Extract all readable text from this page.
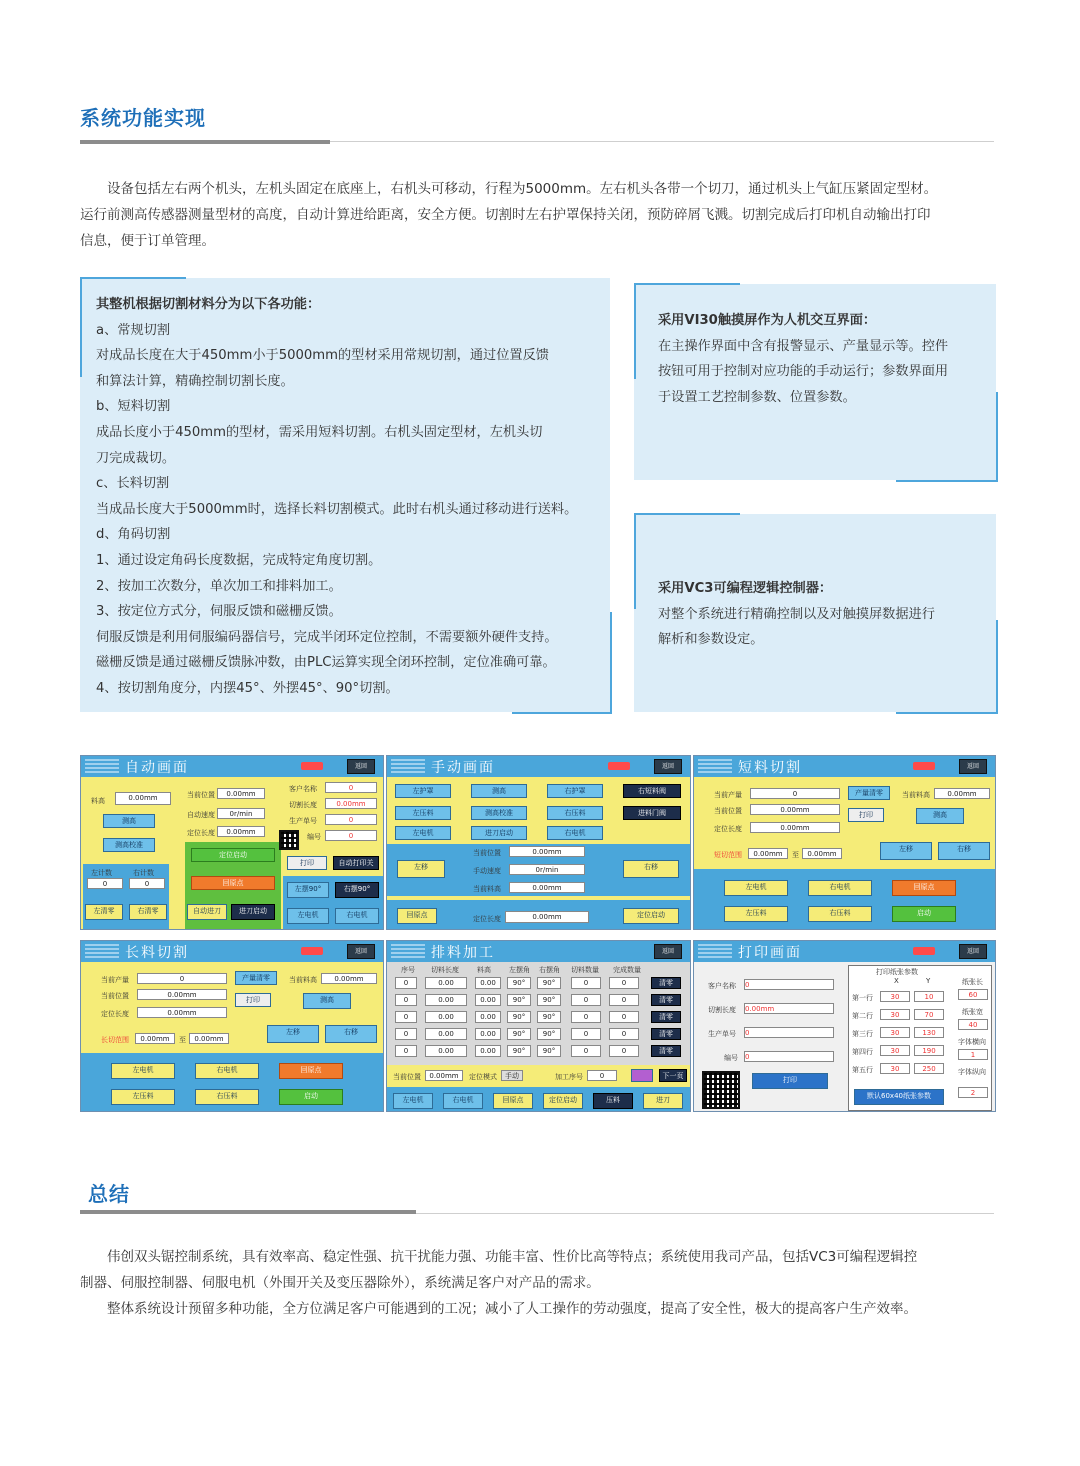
系统功能实现

设备包括左右两个机头，左机头固定在底座上，右机头可移动，行程为5000mm。左右机头各带一个切刀，通过机头上气缸压紧固定型材。

运行前测高传感器测量型材的高度，自动计算进给距离，安全方便。切割时左右护罩保持关闭，预防碎屑飞溅。切割完成后打印机自动输出打印

信息，便于订单管理。

其整机根据切割材料分为以下各功能：
a、常规切割
对成品长度在大于450mm小于5000mm的型材采用常规切割，通过位置反馈
和算法计算，精确控制切割长度。
b、短料切割
成品长度小于450mm的型材，需采用短料切割。右机头固定型材，左机头切
刀完成裁切。
c、长料切割
当成品长度大于5000mm时，选择长料切割模式。此时右机头通过移动进行送料。
d、角码切割
1、通过设定角码长度数据，完成特定角度切割。
2、按加工次数分，单次加工和排料加工。
3、按定位方式分，伺服反馈和磁栅反馈。
伺服反馈是利用伺服编码器信号，完成半闭环定位控制，不需要额外硬件支持。
磁栅反馈是通过磁栅反馈脉冲数，由PLC运算实现全闭环控制，定位准确可靠。
4、按切割角度分，内摆45°、外摆45°、90°切割。
采用VI30触摸屏作为人机交互界面：
在主操作界面中含有报警显示、产量显示等。控件
按钮可用于控制对应功能的手动运行；参数界面用
于设置工艺控制参数、位置参数。
采用VC3可编程逻辑控制器：
对整个系统进行精确控制以及对触摸屏数据进行
解析和参数设定。
自动画面	返回
料高	0.00mm
测高
测高校准
当前位置	0.00mm
自动速度	0r/min
定位长度	0.00mm
左计数	右计数
0	0
左清零	右清零
定位启动
回原点
自动进刀	进刀启动
客户名称	0
切割长度	0.00mm
生产单号	0
编号	0
打印	自动打印关
左摆90°	右摆90°
左电机	右电机
手动画面	返回
左护罩	测高	右护罩	右短料阀
左压料	测高校准	右压料	进料门阀
左电机	进刀启动	右电机
左移
当前位置	0.00mm
手动速度	0r/min
当前料高	0.00mm
右移
回原点	定位长度	0.00mm	定位启动
短料切割	返回
当前产量	0	产量清零	当前料高	0.00mm
当前位置	0.00mm
打印	测高
定位长度	0.00mm
短切范围	0.00mm	至	0.00mm
左移	右移
左电机	右电机	回原点
左压料	右压料	启动
长料切割	返回
当前产量	0	产量清零	当前料高	0.00mm
当前位置	0.00mm
打印	测高
定位长度	0.00mm
长切范围	0.00mm	至	0.00mm
左移	右移
左电机	右电机	回原点
左压料	右压料	启动
排料加工	返回
序号 切料长度	料高	左摆角 右摆角 切料数量 完成数量
当前位置	0.00mm	定位模式	手动	加工序号	0	下一页
左电机	右电机	回原点	定位启动	压料	进刀
0	0.00	0.00	90°	90°	0	0	清零
0	0.00	0.00	90°	90°	0	0	清零
0	0.00	0.00	90°	90°	0	0	清零
0	0.00	0.00	90°	90°	0	0	清零
0	0.00	0.00	90°	90°	0	0	清零
打印画面	返回
客户名称 0
切割长度 0.00mm
生产单号 0
编号 0
打印
打印纸张参数
X	Y	纸张长
60
纸张宽
40
字体横向
1
字体纵向
2
默认60x40纸张参数
第一行	30	10
第二行	30	70
第三行	30	130
第四行	30	190
第五行	30	250
总结

伟创双头锯控制系统，具有效率高、稳定性强、抗干扰能力强、功能丰富、性价比高等特点；系统使用我司产品，包括VC3可编程逻辑控

制器、伺服控制器、伺服电机（外围开关及变压器除外），系统满足客户对产品的需求。

整体系统设计预留多种功能，全方位满足客户可能遇到的工况；减小了人工操作的劳动强度，提高了安全性，极大的提高客户生产效率。
